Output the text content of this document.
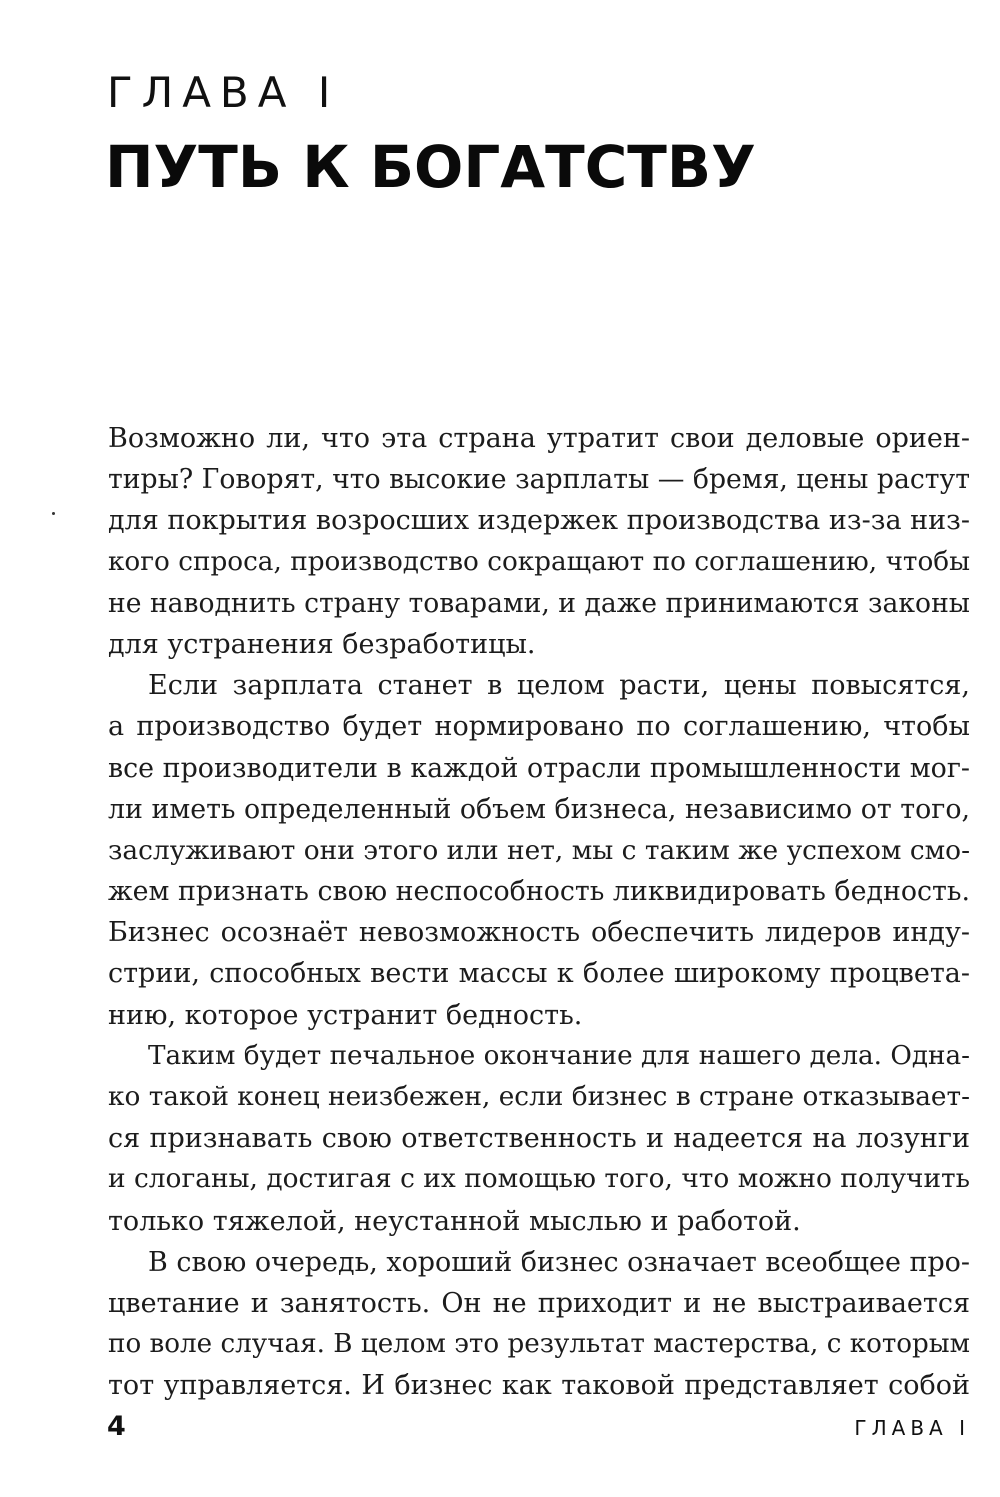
ГЛАВА I
ПУТЬ К БОГАТСТВУ
Возможно ли, что эта страна утратит свои деловые ориен-
тиры? Говорят, что высокие зарплаты — бремя, цены растут
для покрытия возросших издержек производства из-за низ-
кого спроса, производство сокращают по соглашению, чтобы
не наводнить страну товарами, и даже принимаются законы
для устранения безработицы.
Если зарплата станет в целом расти, цены повысятся,
а производство будет нормировано по соглашению, чтобы
все производители в каждой отрасли промышленности мог-
ли иметь определенный объем бизнеса, независимо от того,
заслуживают они этого или нет, мы с таким же успехом смо-
жем признать свою неспособность ликвидировать бедность.
Бизнес осознаёт невозможность обеспечить лидеров инду-
стрии, способных вести массы к более широкому процвета-
нию, которое устранит бедность.
Таким будет печальное окончание для нашего дела. Одна-
ко такой конец неизбежен, если бизнес в стране отказывает-
ся признавать свою ответственность и надеется на лозунги
и слоганы, достигая с их помощью того, что можно получить
только тяжелой, неустанной мыслью и работой.
В свою очередь, хороший бизнес означает всеобщее про-
цветание и занятость. Он не приходит и не выстраивается
по воле случая. В целом это результат мастерства, с которым
тот управляется. И бизнес как таковой представляет собой
4	ГЛАВА I
